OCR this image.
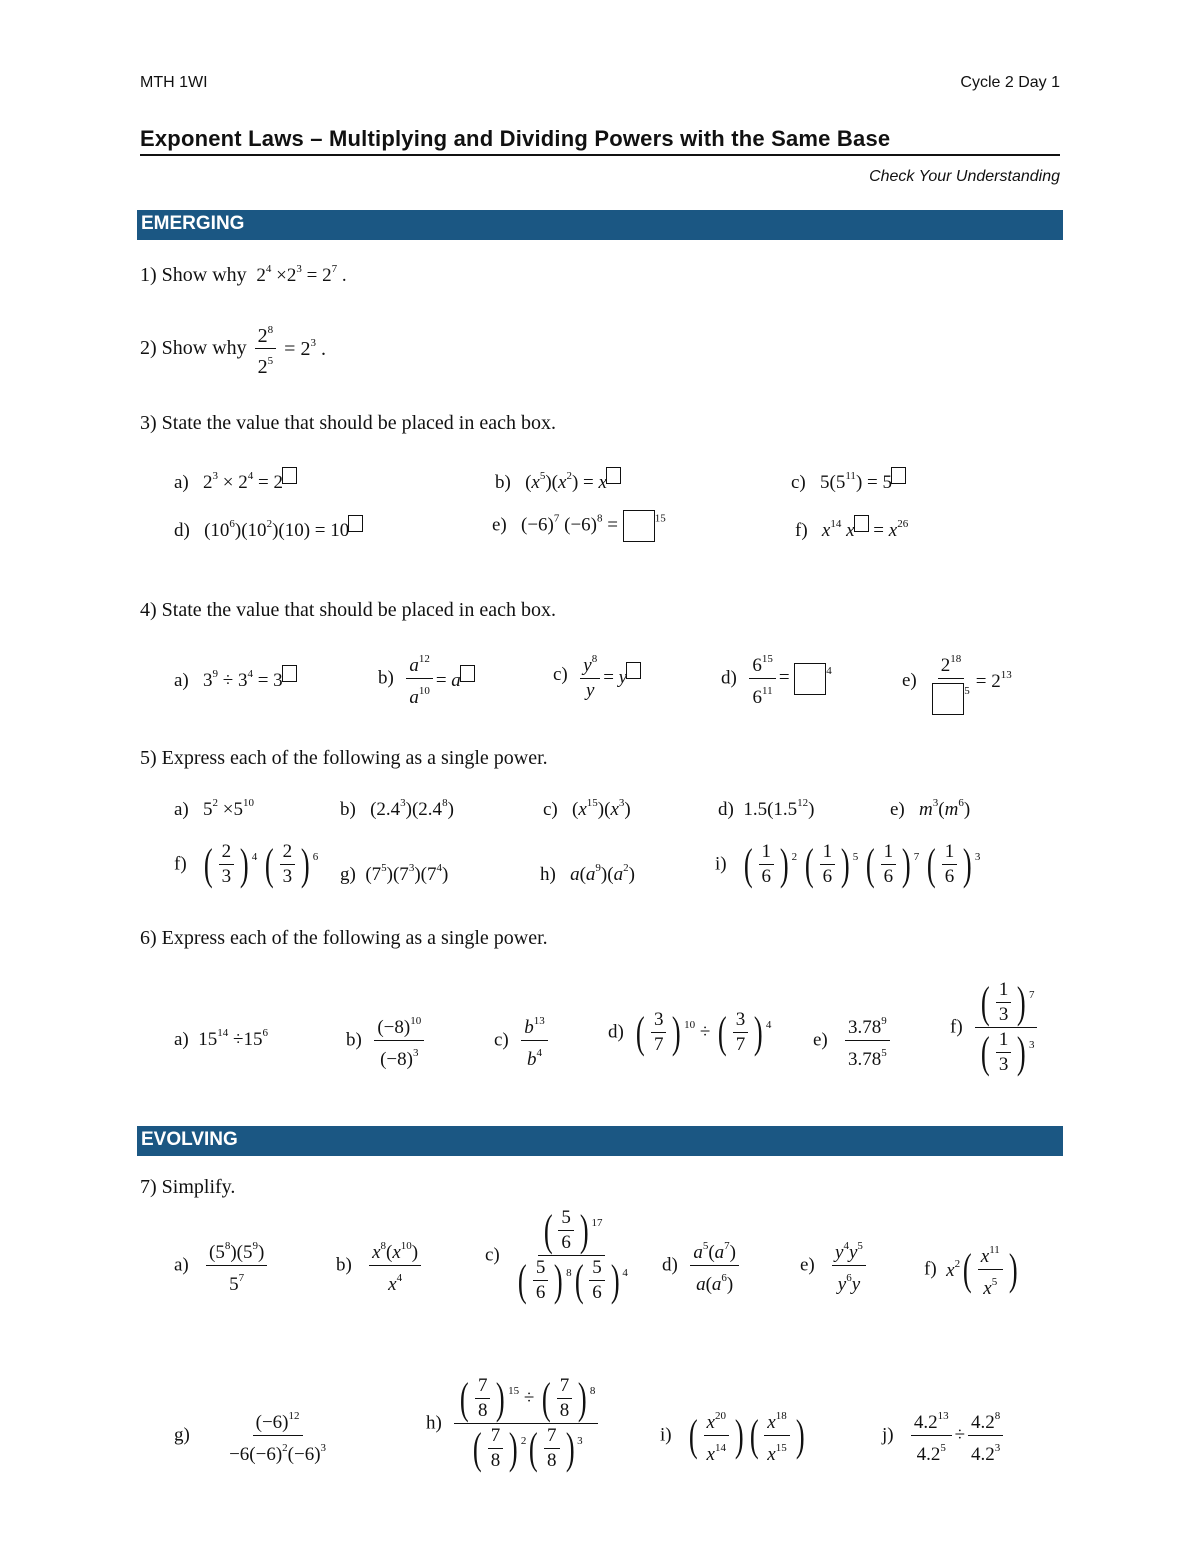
MTH 1WI	Cycle 2 Day 1
Exponent Laws – Multiplying and Dividing Powers with the Same Base
Check Your Understanding
EMERGING
1) Show why  $2^4 \times 2^3 = 2^7$ .
2) Show why $\frac{2^8}{2^5} = 2^3$ .
3) State the value that should be placed in each box.
a)   $2^3 \times 2^4 = 2$	b)   $(x^5)(x^2) = x$	c)   $5(5^{11}) = 5$
d)   $(10^6)(10^2)(10) = 10$	e)   $(-6)^7$ $(-6)^8$ =	$^{15}$
f) $x^{14}$ $x = x^{26}$
4) State the value that should be placed in each box.
a)   $3^9 \div 3^4 = 3$	$b) \frac{a^{12}}{a^{10}} = a$	$c) \frac{y^8}{y} = y$	$d) \frac{6^{15}}{6^{11}}$ =	$^4$	$e) \frac{2^{18}}{^5} = 2^{13}$
5) Express each of the following as a single power.
a)   $5^2 \times 5^{10}$	b)   $(2.4^3)(2.4^8)$	c)   $(x^{15})(x^3)$	d)  $1.5(1.5^{12})$	e) $m^3(m^6)$
f) ( $\frac{2}{3}$ ) $^4$ ( $\frac{2}{3}$ ) $^6$
g)  $(7^5)(7^3)(7^4)$	h) $a(a^9)(a^2)$	i) ( $\frac{1}{6}$ ) $^2$ ( $\frac{1}{6}$ ) $^5$ ( $\frac{1}{6}$ ) $^7$ ( $\frac{1}{6}$ ) $^3$
6) Express each of the following as a single power.
a)  $15^{14} \div 15^6$	$b) \frac{(-8)^{10}}{(-8)^3}$	$c) \frac{b^{13}}{b^4}$	d) ( $\frac{3}{7}$ ) $^{10}$ ÷ ( $\frac{3}{7}$ ) $^4$
$e) \frac{3.78^9}{3.78^5}$	$f) \frac{( \frac{1}{3} ) ^7}{( \frac{1}{3} ) ^3}$
EVOLVING
7) Simplify.
$a) \frac{(5^8)(5^9)}{5^7}$	$b) \frac{x^8(x^{10})}{x^4}$	$c) \frac{( \frac{5}{6} ) ^{17}}{( \frac{5}{6} ) ^8 ( \frac{5}{6} ) ^4} d) \frac{a^5(a^7)}{a(a^6)}$	$e) \frac{y^4y^5}{y^6y}$	f) $x^2$ ( $\frac{x^{11}}{x^5}$ )
$g) \frac{(-6)^{12}}{-6(-6)^2(-6)^3}$	$h) \frac{( \frac{7}{8} ) ^{15} \div ( \frac{7}{8} ) ^8}{( \frac{7}{8} ) ^2 ( \frac{7}{8} ) ^3}$	i) ( $\frac{x^{20}}{x^{14}}$ ) ( $\frac{x^{18}}{x^{15}}$ )	$j) \frac{4.2^{13}}{4.2^5} \div \frac{4.2^8}{4.2^3}$
